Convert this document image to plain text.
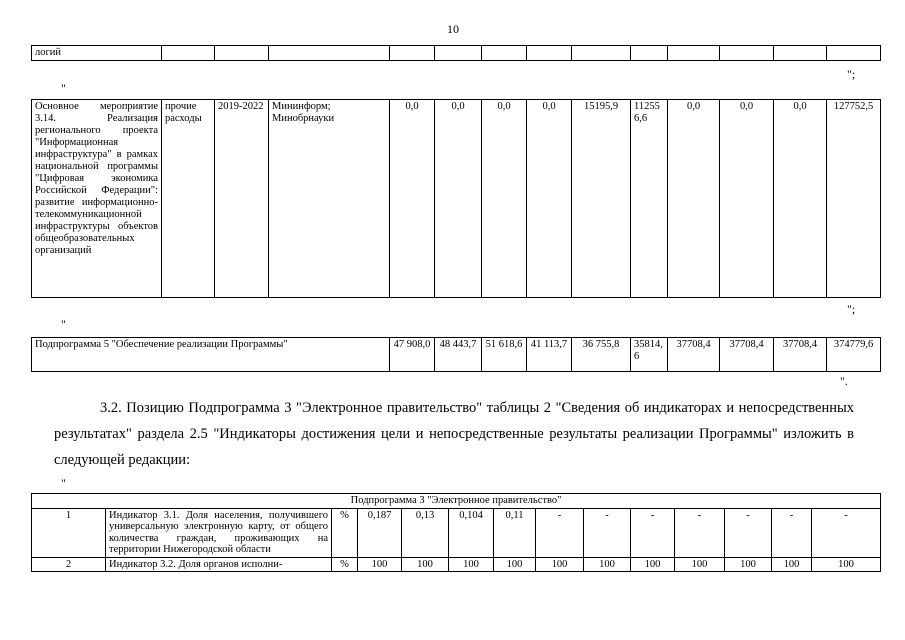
10
логий													
";
"
Основное мероприятие 3.14. Реализация регионального проекта "Информационная инфраструктура" в рамках национальной программы "Цифровая экономика Российской Федерации": развитие информационно-телекоммуникационной инфраструктуры объектов общеобразовательных организаций	прочие расходы	2019-2022	Мининформ; Минобрнауки	0,0	0,0	0,0	0,0	15195,9	112556,6	0,0	0,0	0,0	127752,5
";
"
Подпрограмма 5 "Обеспечение реализации Программы"	47 908,0	48 443,7	51 618,6	41 113,7	36 755,8	35814,6	37708,4	37708,4	37708,4	374779,6
".
3.2. Позицию Подпрограмма 3 "Электронное правительство" таблицы 2 "Сведения об индикаторах и непосредственных результатах" раздела 2.5 "Индикаторы достижения цели и непосредственные результаты реализации Программы" изложить в следующей редакции:
"
Подпрограмма 3 "Электронное правительство"													
1	Индикатор 3.1. Доля населения, получившего универсальную электронную карту, от общего количества граждан, проживающих на территории Нижегородской области	%	0,187	0,13	0,104	0,11	-	-	-	-	-	-	-
2	Индикатор 3.2. Доля органов исполни-	%	100	100	100	100	100	100	100	100	100	100	100
